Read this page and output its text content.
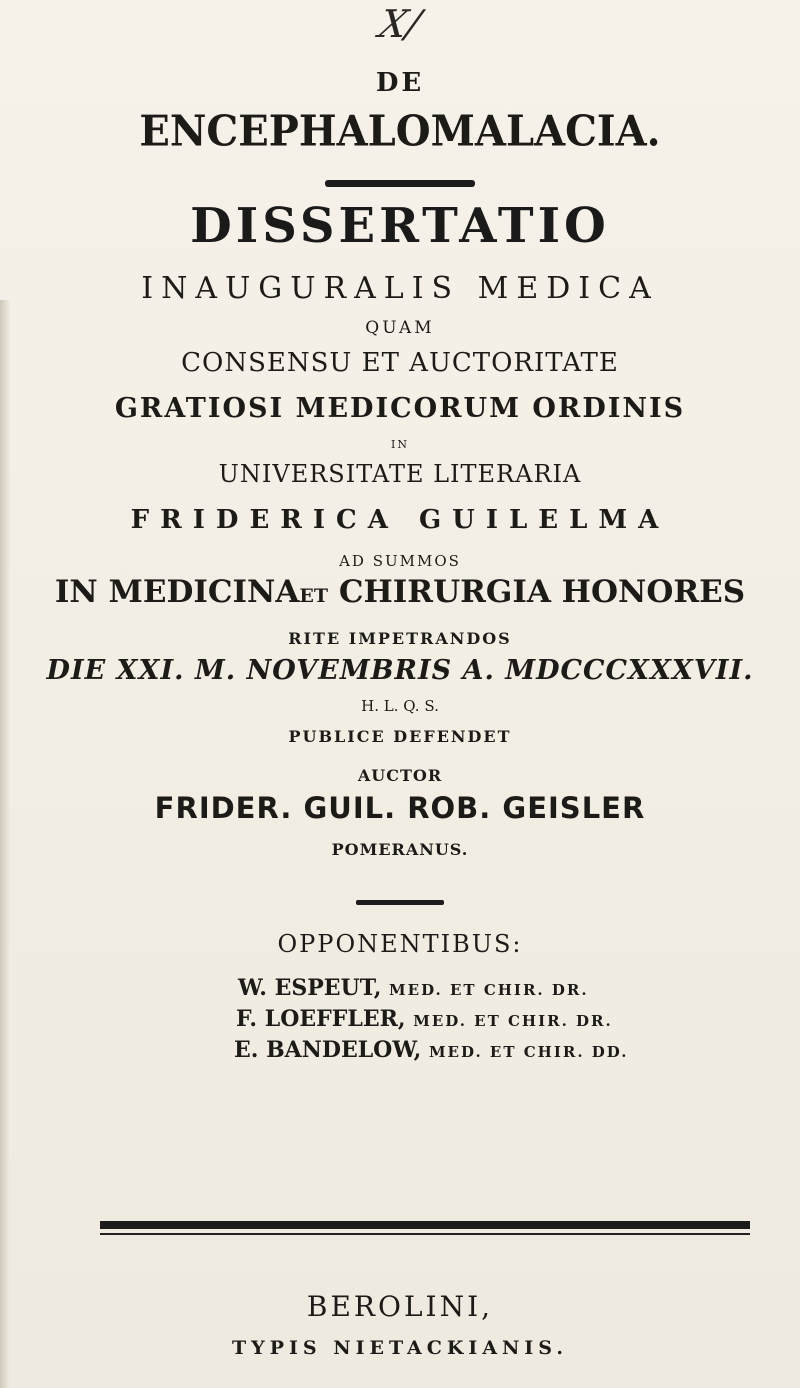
X/
DE
ENCEPHALOMALACIA.
DISSERTATIO
INAUGURALIS MEDICA
QUAM
CONSENSU ET AUCTORITATE
GRATIOSI MEDICORUM ORDINIS
IN
UNIVERSITATE LITERARIA
FRIDERICA GUILELMA
AD SUMMOS
IN MEDICINAET CHIRURGIA HONORES
RITE IMPETRANDOS
DIE XXI. M. NOVEMBRIS A. MDCCCXXXVII.
H. L. Q. S.
PUBLICE DEFENDET
AUCTOR
FRIDER. GUIL. ROB. GEISLER
POMERANUS.
OPPONENTIBUS:
W. ESPEUT, MED. ET CHIR. DR.
F. LOEFFLER, MED. ET CHIR. DR.
E. BANDELOW, MED. ET CHIR. DD.
BEROLINI,
TYPIS NIETACKIANIS.
